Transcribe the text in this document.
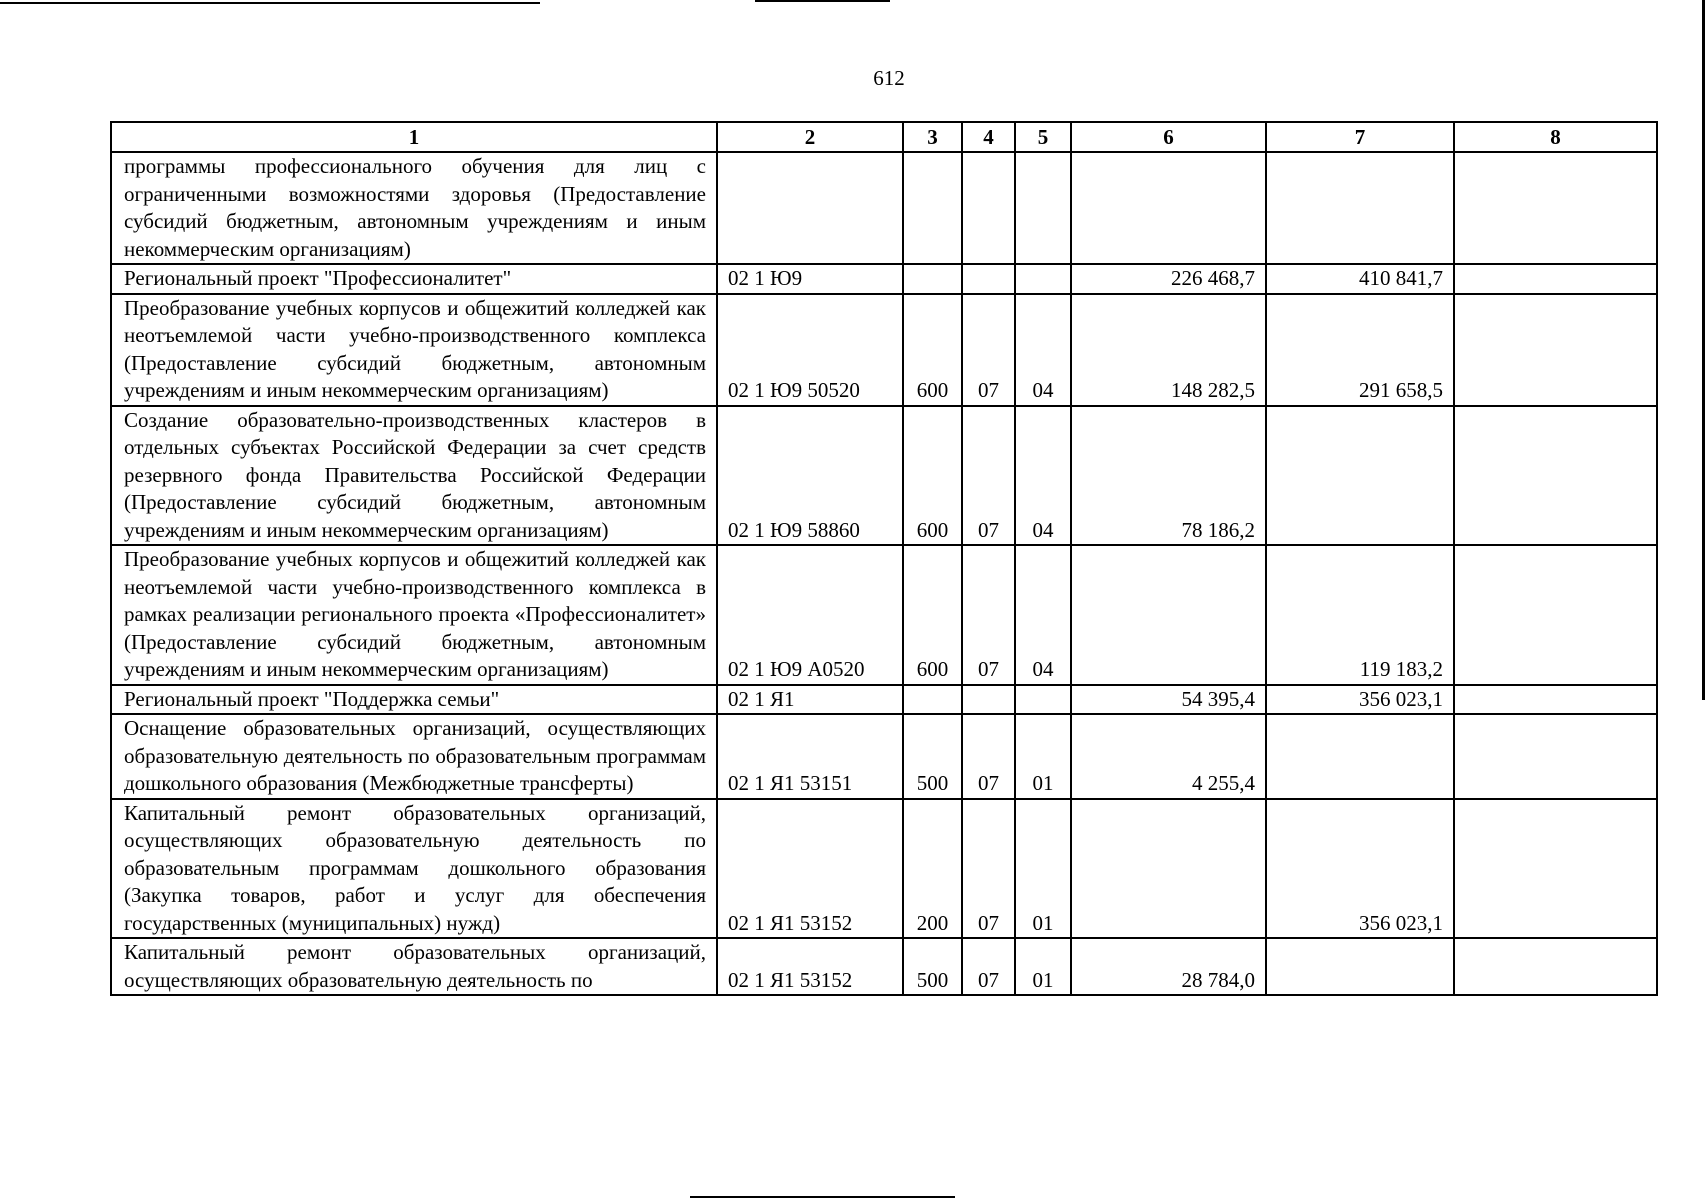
612
1	2	3	4	5	6	7	8
программы профессионального обучения для лиц с ограниченными возможностями здоровья (Предоставление субсидий бюджетным, автономным учреждениям и иным некоммерческим организациям)							
Региональный проект "Профессионалитет"	02 1 Ю9				226 468,7	410 841,7	
Преобразование учебных корпусов и общежитий колледжей как неотъемлемой части учебно-производственного комплекса (Предоставление субсидий бюджетным, автономным учреждениям и иным некоммерческим организациям)	02 1 Ю9 50520	600	07	04	148 282,5	291 658,5	
Создание образовательно-производственных кластеров в отдельных субъектах Российской Федерации за счет средств резервного фонда Правительства Российской Федерации (Предоставление субсидий бюджетным, автономным учреждениям и иным некоммерческим организациям)	02 1 Ю9 58860	600	07	04	78 186,2		
Преобразование учебных корпусов и общежитий колледжей как неотъемлемой части учебно-производственного комплекса в рамках реализации регионального проекта «Профессионалитет» (Предоставление субсидий бюджетным, автономным учреждениям и иным некоммерческим организациям)	02 1 Ю9 А0520	600	07	04		119 183,2	
Региональный проект "Поддержка семьи"	02 1 Я1				54 395,4	356 023,1	
Оснащение образовательных организаций, осуществляющих образовательную деятельность по образовательным программам дошкольного образования (Межбюджетные трансферты)	02 1 Я1 53151	500	07	01	4 255,4		
Капитальный ремонт образовательных организаций, осуществляющих образовательную деятельность по образовательным программам дошкольного образования (Закупка товаров, работ и услуг для обеспечения государственных (муниципальных) нужд)	02 1 Я1 53152	200	07	01		356 023,1	
Капитальный ремонт образовательных организаций, осуществляющих образовательную деятельность по	02 1 Я1 53152	500	07	01	28 784,0		
